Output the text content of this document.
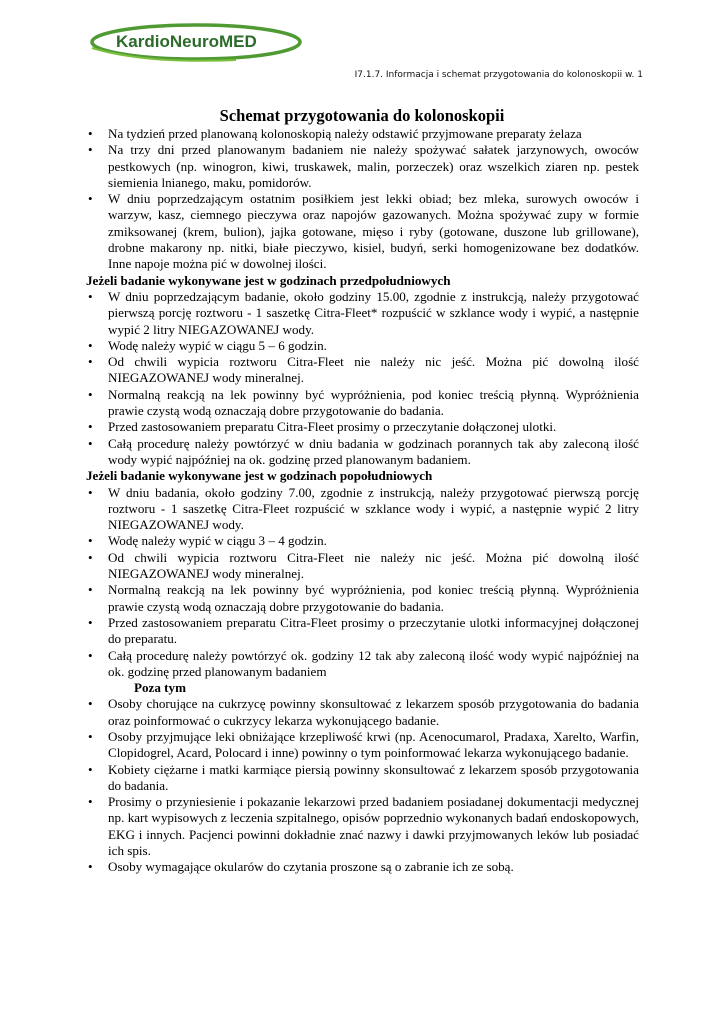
KardioNeuroMED
I7.1.7. Informacja i schemat przygotowania do kolonoskopii w. 1
Schemat przygotowania do kolonoskopii
• Na tydzień przed planowaną kolonoskopią należy odstawić przyjmowane preparaty żelaza
• Na trzy dni przed planowanym badaniem nie należy spożywać sałatek jarzynowych, owoców pestkowych (np. winogron, kiwi, truskawek, malin, porzeczek) oraz wszelkich ziaren np. pestek siemienia lnianego, maku, pomidorów.
• W dniu poprzedzającym ostatnim posiłkiem jest lekki obiad; bez mleka, surowych owoców i warzyw, kasz, ciemnego pieczywa oraz napojów gazowanych. Można spożywać zupy w formie zmiksowanej (krem, bulion), jajka gotowane, mięso i ryby (gotowane, duszone lub grillowane), drobne makarony np. nitki, białe pieczywo, kisiel, budyń, serki homogenizowane bez dodatków. Inne napoje można pić w dowolnej ilości.

Jeżeli badanie wykonywane jest w godzinach przedpołudniowych

• W dniu poprzedzającym badanie, około godziny 15.00, zgodnie z instrukcją, należy przygotować pierwszą porcję roztworu - 1 saszetkę Citra-Fleet* rozpuścić w szklance wody i wypić, a następnie wypić 2 litry NIEGAZOWANEJ wody.
• Wodę należy wypić w ciągu 5 – 6 godzin.
• Od chwili wypicia roztworu Citra-Fleet nie należy nic jeść. Można pić dowolną ilość NIEGAZOWANEJ wody mineralnej.
• Normalną reakcją na lek powinny być wypróżnienia, pod koniec treścią płynną. Wypróżnienia prawie czystą wodą oznaczają dobre przygotowanie do badania.
• Przed zastosowaniem preparatu Citra-Fleet prosimy o przeczytanie dołączonej ulotki.
• Całą procedurę należy powtórzyć w dniu badania w godzinach porannych tak aby zaleconą ilość wody wypić najpóźniej na ok. godzinę przed planowanym badaniem.

Jeżeli badanie wykonywane jest w godzinach popołudniowych

• W dniu badania, około godziny 7.00, zgodnie z instrukcją, należy przygotować pierwszą porcję roztworu - 1 saszetkę Citra-Fleet rozpuścić w szklance wody i wypić, a następnie wypić 2 litry NIEGAZOWANEJ wody.
• Wodę należy wypić w ciągu 3 – 4 godzin.
• Od chwili wypicia roztworu Citra-Fleet nie należy nic jeść. Można pić dowolną ilość NIEGAZOWANEJ wody mineralnej.
• Normalną reakcją na lek powinny być wypróżnienia, pod koniec treścią płynną. Wypróżnienia prawie czystą wodą oznaczają dobre przygotowanie do badania.
• Przed zastosowaniem preparatu Citra-Fleet prosimy o przeczytanie ulotki informacyjnej dołączonej do preparatu.
• Całą procedurę należy powtórzyć ok. godziny 12 tak aby zaleconą ilość wody wypić najpóźniej na ok. godzinę przed planowanym badaniem

Poza tym

• Osoby chorujące na cukrzycę powinny skonsultować z lekarzem sposób przygotowania do badania oraz poinformować o cukrzycy lekarza wykonującego badanie.
• Osoby przyjmujące leki obniżające krzepliwość krwi (np. Acenocumarol, Pradaxa, Xarelto, Warfin, Clopidogrel, Acard, Polocard i inne) powinny o tym poinformować lekarza wykonującego badanie.
• Kobiety ciężarne i matki karmiące piersią powinny skonsultować z lekarzem sposób przygotowania do badania.
• Prosimy o przyniesienie i pokazanie lekarzowi przed badaniem posiadanej dokumentacji medycznej np. kart wypisowych z leczenia szpitalnego, opisów poprzednio wykonanych badań endoskopowych, EKG i innych. Pacjenci powinni dokładnie znać nazwy i dawki przyjmowanych leków lub posiadać ich spis.
• Osoby wymagające okularów do czytania proszone są o zabranie ich ze sobą.
